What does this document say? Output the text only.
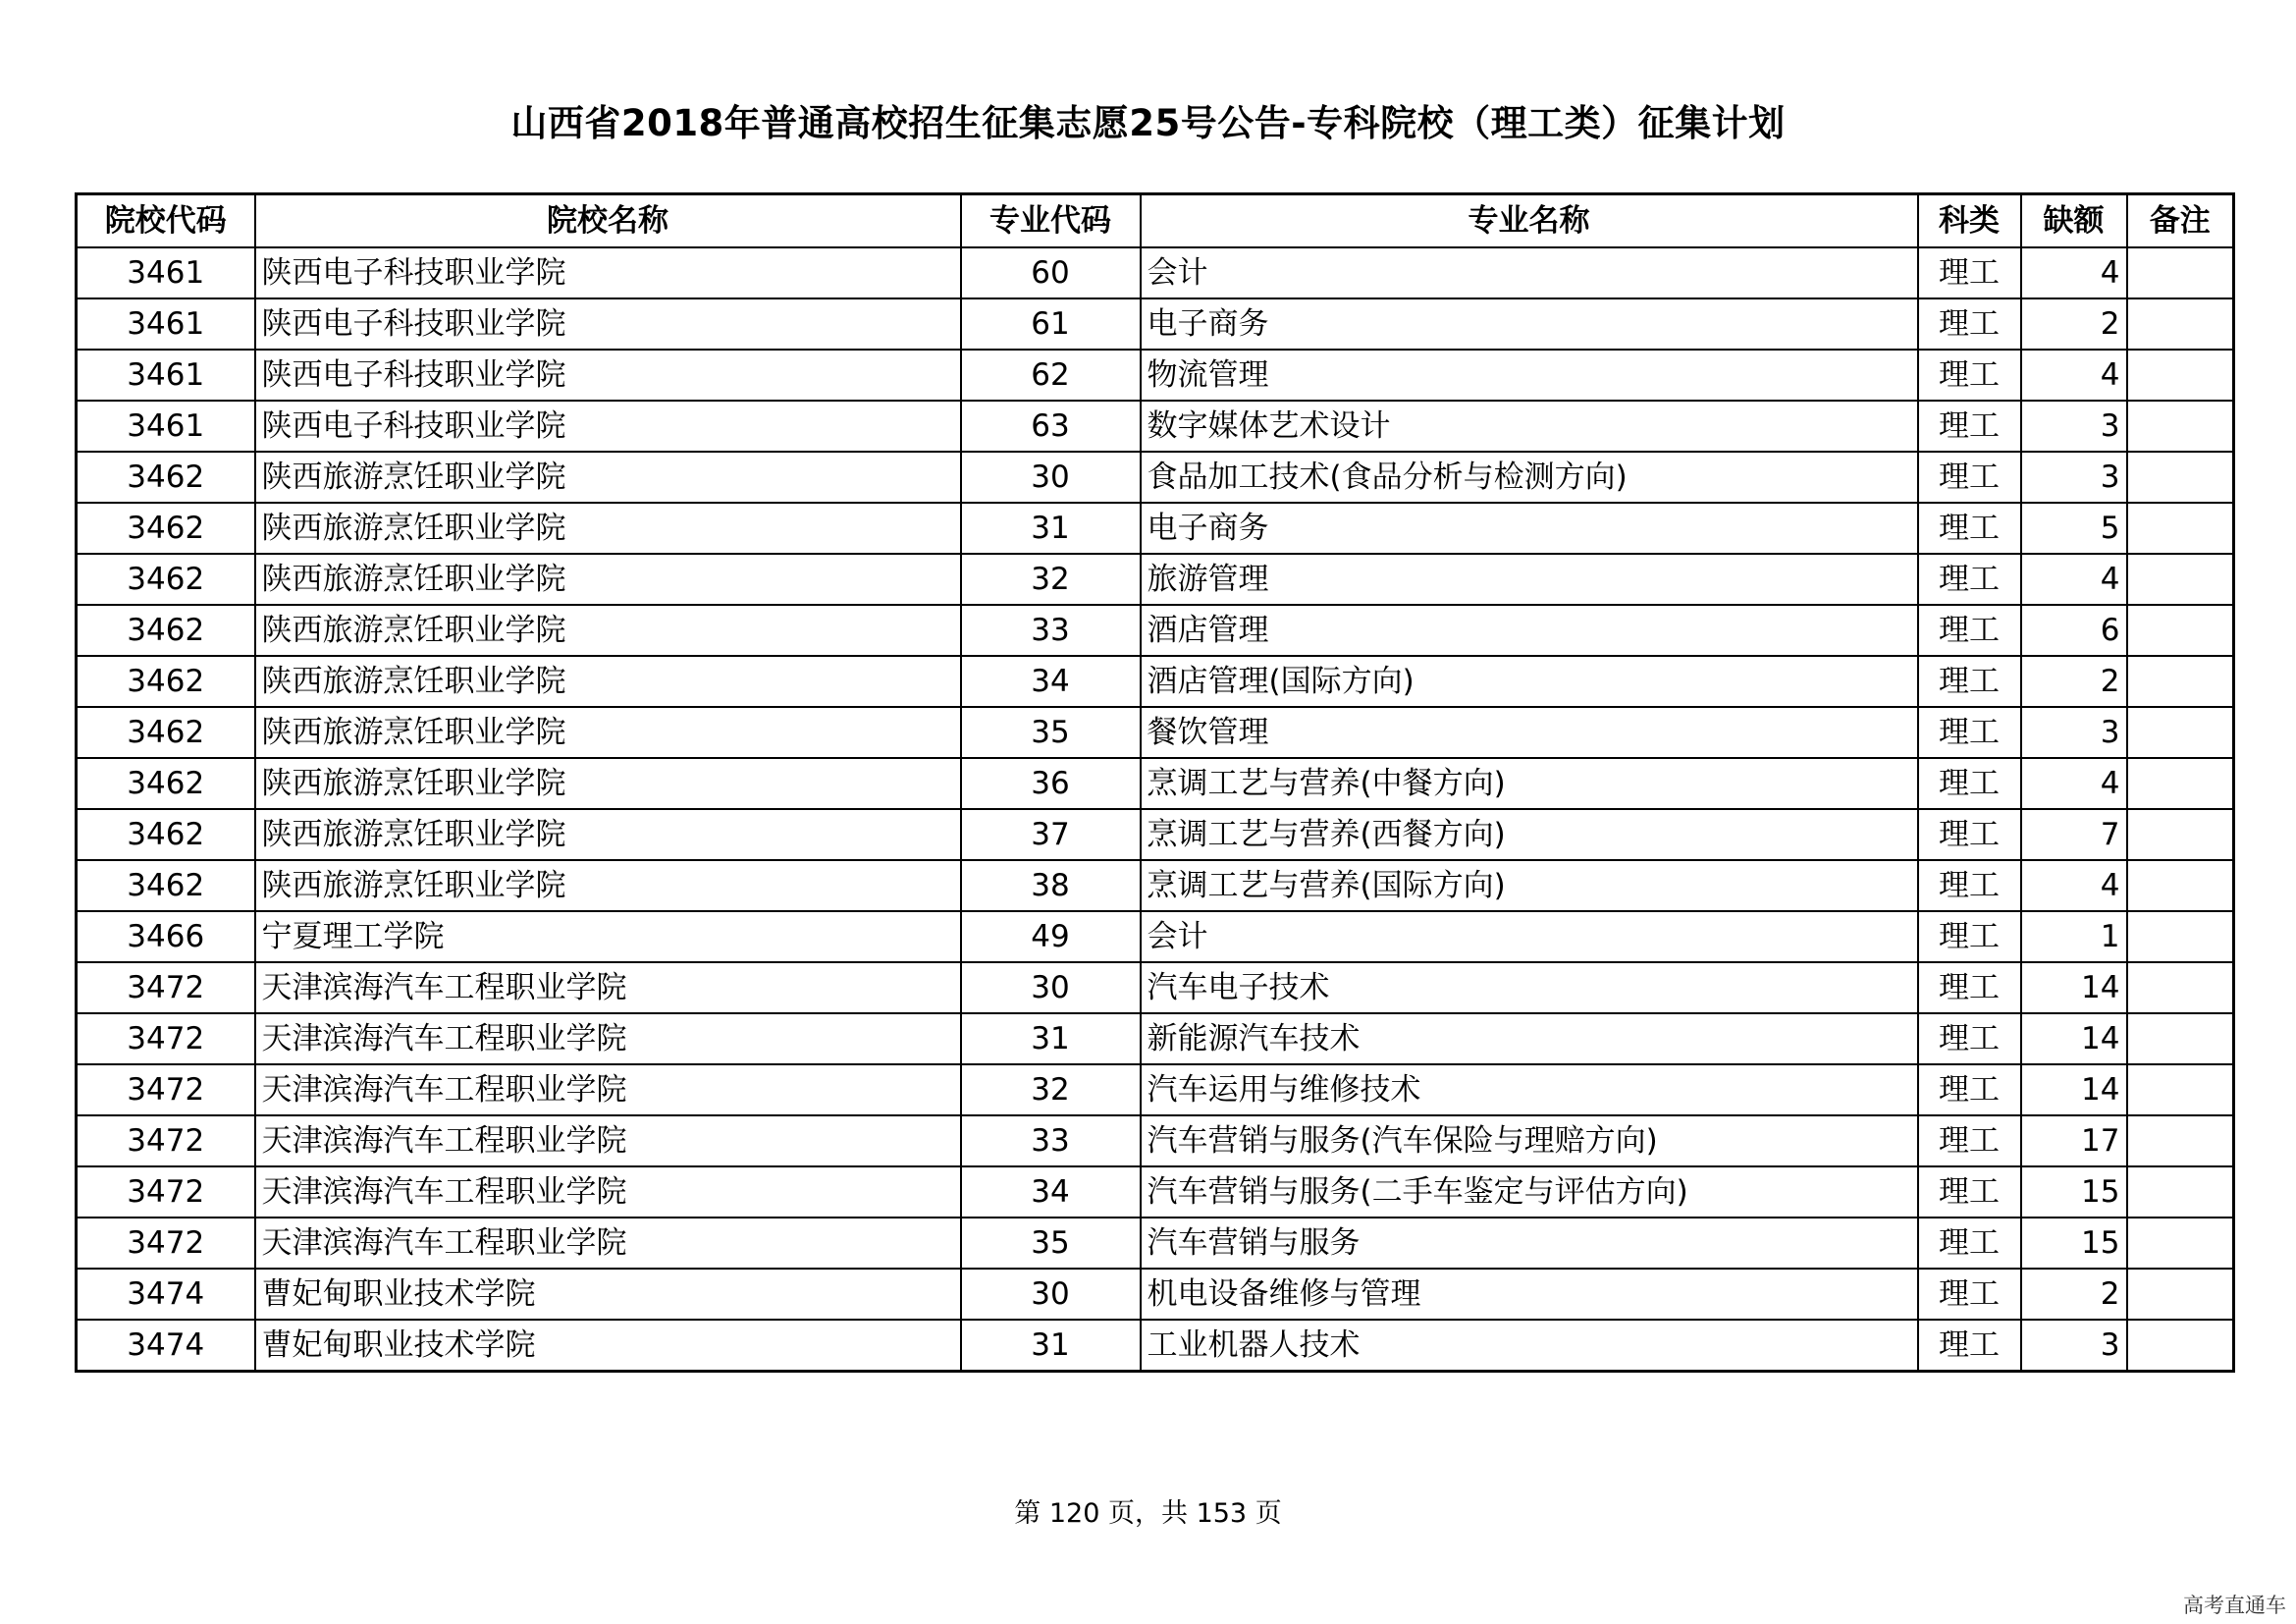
山西省2018年普通高校招生征集志愿25号公告-专科院校（理工类）征集计划
院校代码	院校名称	专业代码	专业名称	科类	缺额	备注
3461	陕西电子科技职业学院	60	会计	理工	4	
3461	陕西电子科技职业学院	61	电子商务	理工	2	
3461	陕西电子科技职业学院	62	物流管理	理工	4	
3461	陕西电子科技职业学院	63	数字媒体艺术设计	理工	3	
3462	陕西旅游烹饪职业学院	30	食品加工技术(食品分析与检测方向)	理工	3	
3462	陕西旅游烹饪职业学院	31	电子商务	理工	5	
3462	陕西旅游烹饪职业学院	32	旅游管理	理工	4	
3462	陕西旅游烹饪职业学院	33	酒店管理	理工	6	
3462	陕西旅游烹饪职业学院	34	酒店管理(国际方向)	理工	2	
3462	陕西旅游烹饪职业学院	35	餐饮管理	理工	3	
3462	陕西旅游烹饪职业学院	36	烹调工艺与营养(中餐方向)	理工	4	
3462	陕西旅游烹饪职业学院	37	烹调工艺与营养(西餐方向)	理工	7	
3462	陕西旅游烹饪职业学院	38	烹调工艺与营养(国际方向)	理工	4	
3466	宁夏理工学院	49	会计	理工	1	
3472	天津滨海汽车工程职业学院	30	汽车电子技术	理工	14	
3472	天津滨海汽车工程职业学院	31	新能源汽车技术	理工	14	
3472	天津滨海汽车工程职业学院	32	汽车运用与维修技术	理工	14	
3472	天津滨海汽车工程职业学院	33	汽车营销与服务(汽车保险与理赔方向)	理工	17	
3472	天津滨海汽车工程职业学院	34	汽车营销与服务(二手车鉴定与评估方向)	理工	15	
3472	天津滨海汽车工程职业学院	35	汽车营销与服务	理工	15	
3474	曹妃甸职业技术学院	30	机电设备维修与管理	理工	2	
3474	曹妃甸职业技术学院	31	工业机器人技术	理工	3	
第 120 页，共 153 页
高考直通车
